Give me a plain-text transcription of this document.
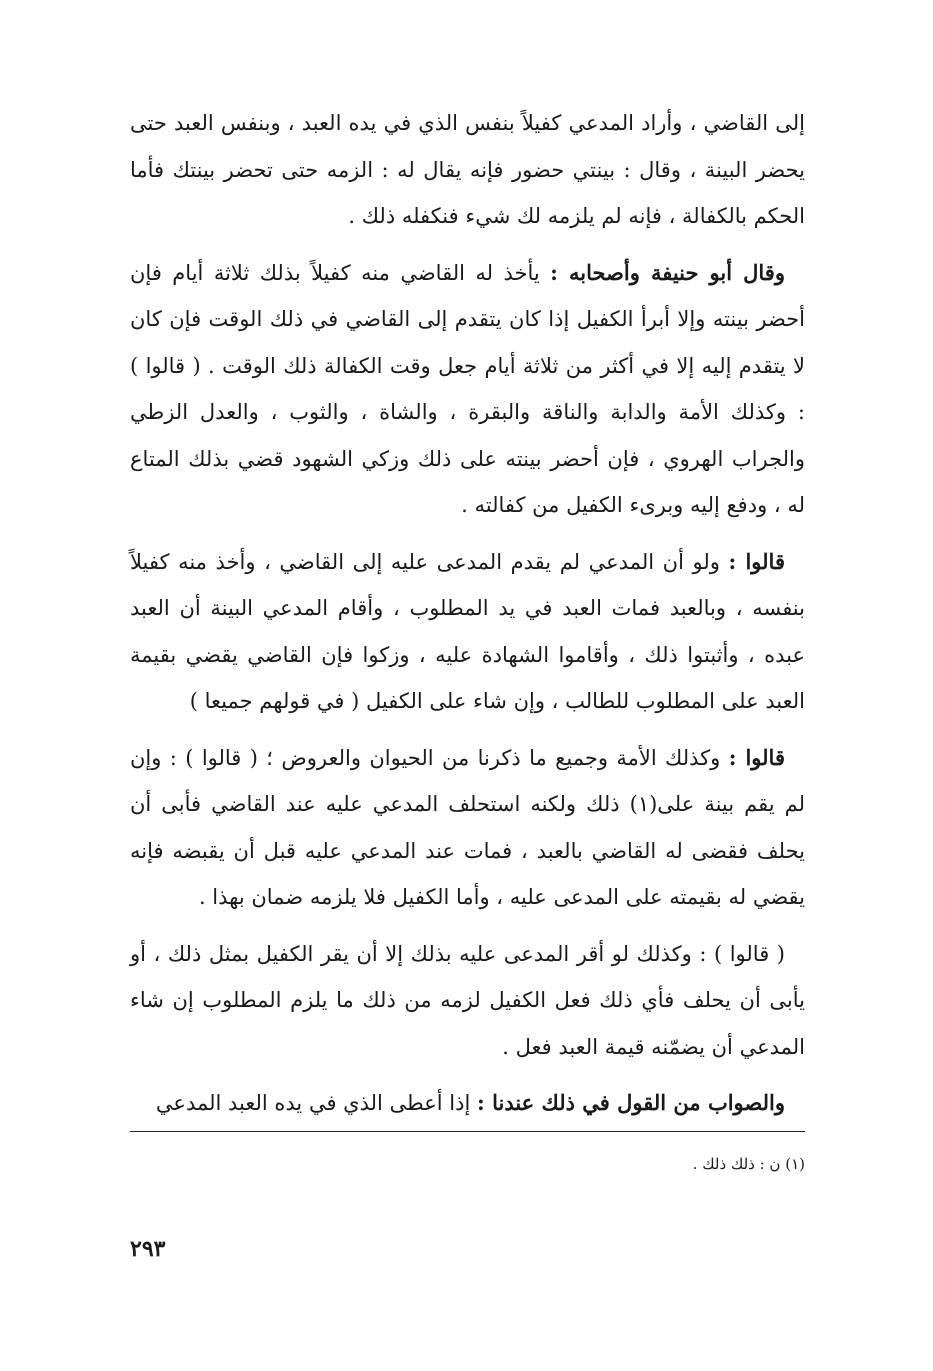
إلى القاضي ، وأراد المدعي كفيلاً بنفس الذي في يده العبد ، وبنفس العبد حتى يحضر البينة ، وقال : بينتي حضور فإنه يقال له : الزمه حتى تحضر بينتك فأما الحكم بالكفالة ، فإنه لم يلزمه لك شيء فنكفله ذلك .

وقال أبو حنيفة وأصحابه : يأخذ له القاضي منه كفيلاً بذلك ثلاثة أيام فإن أحضر بينته وإلا أبرأ الكفيل إذا كان يتقدم إلى القاضي في ذلك الوقت فإن كان لا يتقدم إليه إلا في أكثر من ثلاثة أيام جعل وقت الكفالة ذلك الوقت . ( قالوا ) : وكذلك الأمة والدابة والناقة والبقرة ، والشاة ، والثوب ، والعدل الزطي والجراب الهروي ، فإن أحضر بينته على ذلك وزكي الشهود قضي بذلك المتاع له ، ودفع إليه وبرىء الكفيل من كفالته .

قالوا : ولو أن المدعي لم يقدم المدعى عليه إلى القاضي ، وأخذ منه كفيلاً بنفسه ، وبالعبد فمات العبد في يد المطلوب ، وأقام المدعي البينة أن العبد عبده ، وأثبتوا ذلك ، وأقاموا الشهادة عليه ، وزكوا فإن القاضي يقضي بقيمة العبد على المطلوب للطالب ، وإن شاء على الكفيل ( في قولهم جميعا )

قالوا : وكذلك الأمة وجميع ما ذكرنا من الحيوان والعروض ؛ ( قالوا ) : وإن لم يقم بينة على(١) ذلك ولكنه استحلف المدعي عليه عند القاضي فأبى أن يحلف فقضى له القاضي بالعبد ، فمات عند المدعي عليه قبل أن يقبضه فإنه يقضي له بقيمته على المدعى عليه ، وأما الكفيل فلا يلزمه ضمان بهذا .

( قالوا ) : وكذلك لو أقر المدعى عليه بذلك إلا أن يقر الكفيل بمثل ذلك ، أو يأبى أن يحلف فأي ذلك فعل الكفيل لزمه من ذلك ما يلزم المطلوب إن شاء المدعي أن يضمّنه قيمة العبد فعل .

والصواب من القول في ذلك عندنا : إذا أعطى الذي في يده العبد المدعي

(١) ن : ذلك ذلك .
٢٩٣
